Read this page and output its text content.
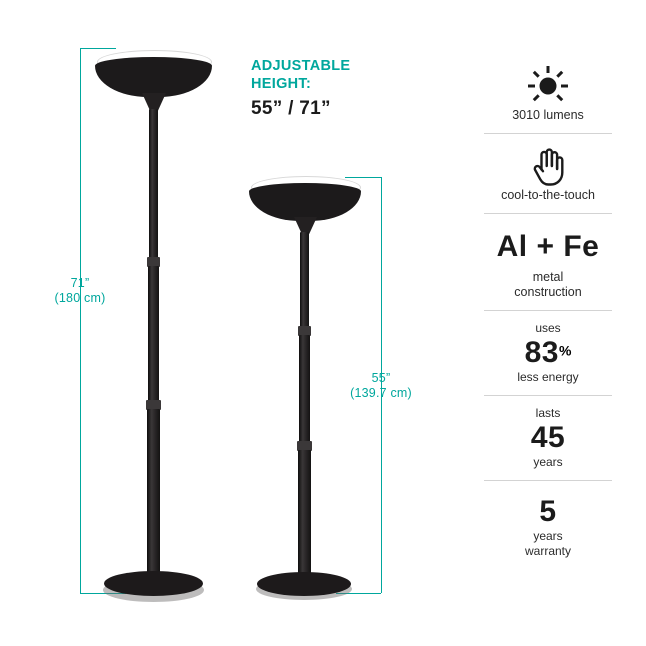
71”
(180 cm)
55”
(139.7 cm)
ADJUSTABLE
HEIGHT:
55” / 71”	3010 lumens
cool-to-the-touch
Al + Fe
metal
construction
uses
83%
less energy
lasts
45
years
5
years
warranty
